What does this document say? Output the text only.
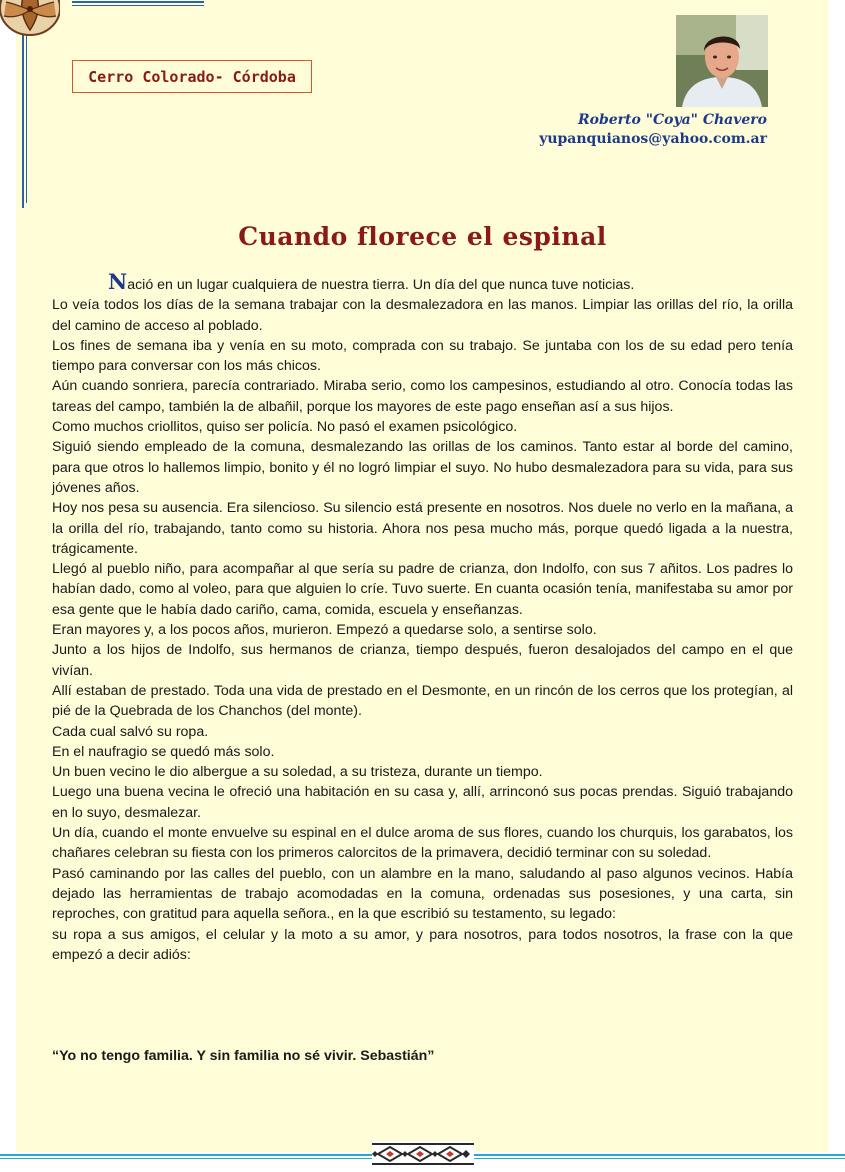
Cerro Colorado- Córdoba
Roberto "Coya" Chavero
yupanquianos@yahoo.com.ar
Cuando florece el espinal

Nació en un lugar cualquiera de nuestra tierra. Un día del que nunca tuve noticias.

Lo veía todos los días de la semana trabajar con la desmalezadora en las manos. Limpiar las orillas del río, la orilla del camino de acceso al poblado.

Los fines de semana iba y venía en su moto, comprada con su trabajo. Se juntaba con los de su edad pero tenía tiempo para conversar con los más chicos.

Aún cuando sonriera, parecía contrariado. Miraba serio, como los campesinos, estudiando al otro. Conocía todas las tareas del campo, también la de albañil, porque los mayores de este pago enseñan así a sus hijos.

Como muchos criollitos, quiso ser policía. No pasó el examen psicológico.

Siguió siendo empleado de la comuna, desmalezando las orillas de los caminos. Tanto estar al borde del camino, para que otros lo hallemos limpio, bonito y él no logró limpiar el suyo. No hubo desmalezadora para su vida, para sus jóvenes años.

Hoy nos pesa su ausencia. Era silencioso. Su silencio está presente en nosotros. Nos duele no verlo en la mañana, a la orilla del río, trabajando, tanto como su historia. Ahora nos pesa mucho más, porque quedó ligada a la nuestra, trágicamente.

Llegó al pueblo niño, para acompañar al que sería su padre de crianza, don Indolfo, con sus 7 añitos. Los padres lo habían dado, como al voleo, para que alguien lo críe. Tuvo suerte. En cuanta ocasión tenía, manifestaba su amor por esa gente que le había dado cariño, cama, comida, escuela y enseñanzas.

Eran mayores y, a los pocos años, murieron. Empezó a quedarse solo, a sentirse solo.

Junto a los hijos de Indolfo, sus hermanos de crianza, tiempo después, fueron desalojados del campo en el que vivían.

Allí estaban de prestado. Toda una vida de prestado en el Desmonte, en un rincón de los cerros que los protegían, al pié de la Quebrada de los Chanchos (del monte).

Cada cual salvó su ropa.

En el naufragio se quedó más solo.

Un buen vecino le dio albergue a su soledad, a su tristeza, durante un tiempo.

Luego una buena vecina le ofreció una habitación en su casa y, allí, arrinconó sus pocas prendas. Siguió trabajando en lo suyo, desmalezar.

Un día, cuando el monte envuelve su espinal en el dulce aroma de sus flores, cuando los churquis, los garabatos, los chañares celebran su fiesta con los primeros calorcitos de la primavera, decidió terminar con su soledad.

Pasó caminando por las calles del pueblo, con un alambre en la mano, saludando al paso algunos vecinos. Había dejado las herramientas de trabajo acomodadas en la comuna, ordenadas sus posesiones, y una carta, sin reproches, con gratitud para aquella señora., en la que escribió su testamento, su legado:

su ropa a sus amigos, el celular y la moto a su amor, y para nosotros, para todos nosotros, la frase con la que empezó a decir adiós:

“Yo no tengo familia. Y sin familia no sé vivir. Sebastián”
